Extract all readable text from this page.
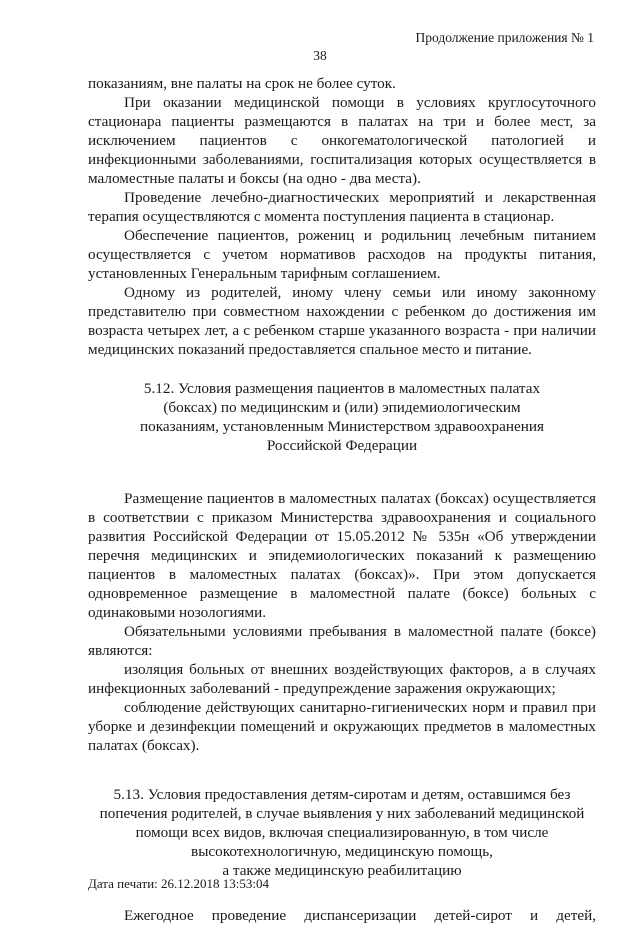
Продолжение приложения № 1
38

показаниям, вне палаты на срок не более суток.

При оказании медицинской помощи в условиях круглосуточного стационара пациенты размещаются в палатах на три и более мест, за исключением пациентов с онкогематологической патологией и инфекционными заболеваниями, госпитализация которых осуществляется в маломестные палаты и боксы (на одно - два места).

Проведение лечебно-диагностических мероприятий и лекарственная терапия осуществляются с момента поступления пациента в стационар.

Обеспечение пациентов, рожениц и родильниц лечебным питанием осуществляется с учетом нормативов расходов на продукты питания, установленных Генеральным тарифным соглашением.

Одному из родителей, иному члену семьи или иному законному представителю при совместном нахождении с ребенком до достижения им возраста четырех лет, а с ребенком старше указанного возраста - при наличии медицинских показаний предоставляется спальное место и питание.

5.12. Условия размещения пациентов в маломестных палатах
(боксах) по медицинским и (или) эпидемиологическим
показаниям, установленным Министерством здравоохранения
Российской Федерации

Размещение пациентов в маломестных палатах (боксах) осуществляется в соответствии с приказом Министерства здравоохранения и социального развития Российской Федерации от 15.05.2012 № 535н «Об утверждении перечня медицинских и эпидемиологических показаний к размещению пациентов в маломестных палатах (боксах)». При этом допускается одновременное размещение в маломестной палате (боксе) больных с одинаковыми нозологиями.

Обязательными условиями пребывания в маломестной палате (боксе) являются:

изоляция больных от внешних воздействующих факторов, а в случаях инфекционных заболеваний - предупреждение заражения окружающих;

соблюдение действующих санитарно-гигиенических норм и правил при уборке и дезинфекции помещений и окружающих предметов в маломестных палатах (боксах).

5.13. Условия предоставления детям-сиротам и детям, оставшимся без
попечения родителей, в случае выявления у них заболеваний медицинской
помощи всех видов, включая специализированную, в том числе
высокотехнологичную, медицинскую помощь,
а также медицинскую реабилитацию

Ежегодное проведение диспансеризации детей-сирот и детей,

Дата печати: 26.12.2018 13:53:04
